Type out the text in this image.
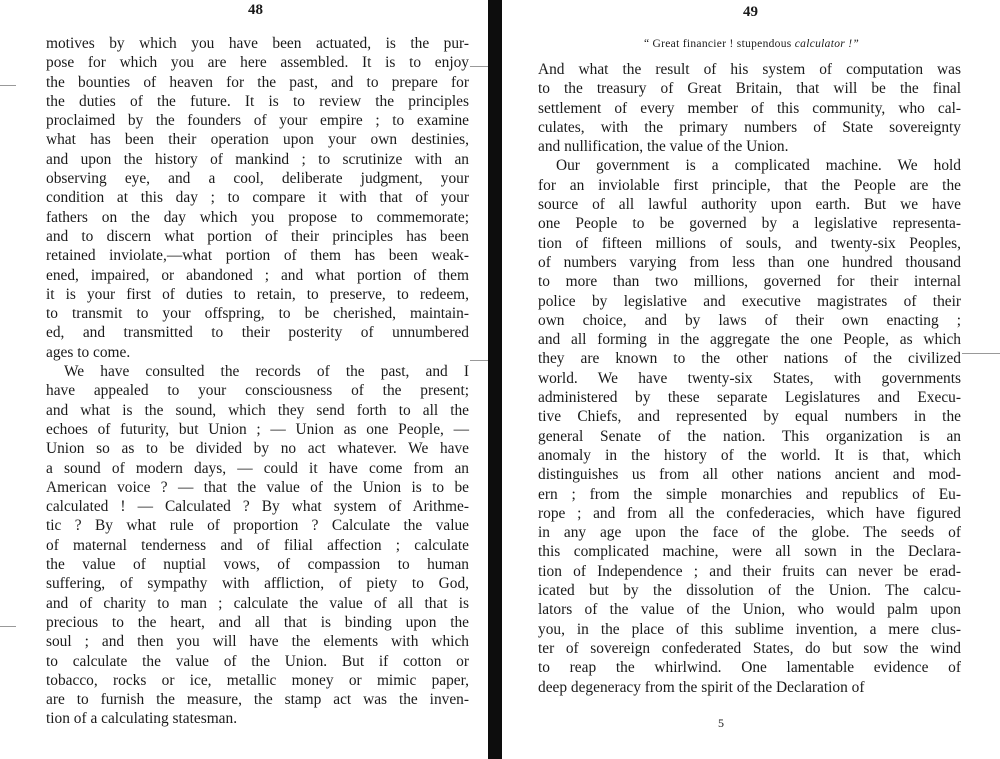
48
motives by which you have been actuated, is the pur-
pose for which you are here assembled. It is to enjoy
the bounties of heaven for the past, and to prepare for
the duties of the future. It is to review the principles
proclaimed by the founders of your empire ; to examine
what has been their operation upon your own destinies,
and upon the history of mankind ; to scrutinize with an
observing eye, and a cool, deliberate judgment, your
condition at this day ; to compare it with that of your
fathers on the day which you propose to commemorate;
and to discern what portion of their principles has been
retained inviolate,—what portion of them has been weak-
ened, impaired, or abandoned ; and what portion of them
it is your first of duties to retain, to preserve, to redeem,
to transmit to your offspring, to be cherished, maintain-
ed, and transmitted to their posterity of unnumbered
ages to come.
We have consulted the records of the past, and I
have appealed to your consciousness of the present;
and what is the sound, which they send forth to all the
echoes of futurity, but Union ; — Union as one People, —
Union so as to be divided by no act whatever. We have
a sound of modern days, — could it have come from an
American voice ? — that the value of the Union is to be
calculated ! — Calculated ? By what system of Arithme-
tic ? By what rule of proportion ? Calculate the value
of maternal tenderness and of filial affection ; calculate
the value of nuptial vows, of compassion to human
suffering, of sympathy with affliction, of piety to God,
and of charity to man ; calculate the value of all that is
precious to the heart, and all that is binding upon the
soul ; and then you will have the elements with which
to calculate the value of the Union. But if cotton or
tobacco, rocks or ice, metallic money or mimic paper,
are to furnish the measure, the stamp act was the inven-
tion of a calculating statesman.
49
“ Great financier ! stupendous calculator !”
And what the result of his system of computation was
to the treasury of Great Britain, that will be the final
settlement of every member of this community, who cal-
culates, with the primary numbers of State sovereignty
and nullification, the value of the Union.
Our government is a complicated machine. We hold
for an inviolable first principle, that the People are the
source of all lawful authority upon earth. But we have
one People to be governed by a legislative representa-
tion of fifteen millions of souls, and twenty-six Peoples,
of numbers varying from less than one hundred thousand
to more than two millions, governed for their internal
police by legislative and executive magistrates of their
own choice, and by laws of their own enacting ;
and all forming in the aggregate the one People, as which
they are known to the other nations of the civilized
world. We have twenty-six States, with governments
administered by these separate Legislatures and Execu-
tive Chiefs, and represented by equal numbers in the
general Senate of the nation. This organization is an
anomaly in the history of the world. It is that, which
distinguishes us from all other nations ancient and mod-
ern ; from the simple monarchies and republics of Eu-
rope ; and from all the confederacies, which have figured
in any age upon the face of the globe. The seeds of
this complicated machine, were all sown in the Declara-
tion of Independence ; and their fruits can never be erad-
icated but by the dissolution of the Union. The calcu-
lators of the value of the Union, who would palm upon
you, in the place of this sublime invention, a mere clus-
ter of sovereign confederated States, do but sow the wind
to reap the whirlwind. One lamentable evidence of
deep degeneracy from the spirit of the Declaration of
5
